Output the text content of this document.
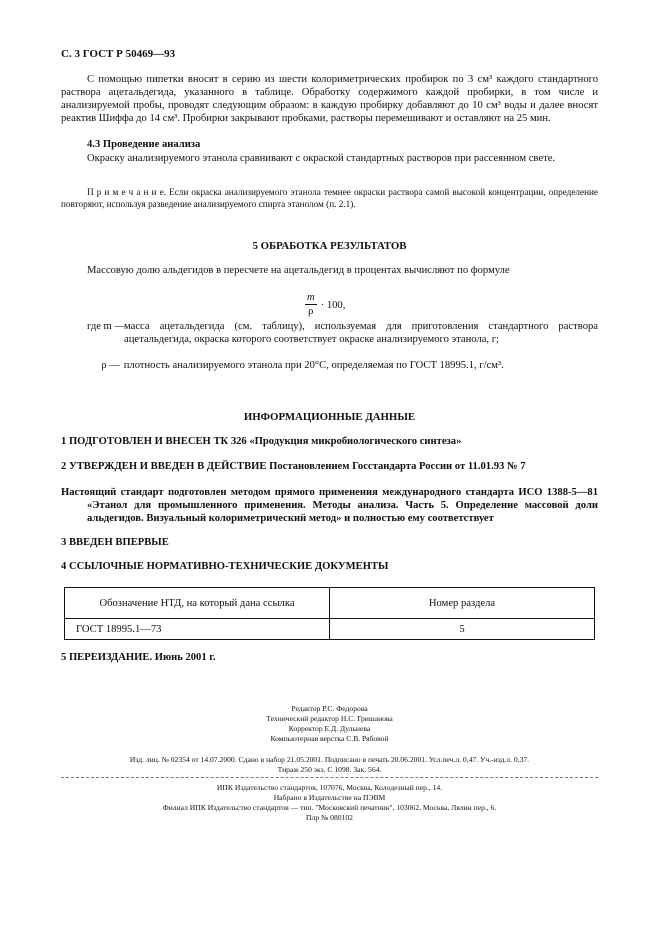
С. 3 ГОСТ Р 50469—93

С помощью пипетки вносят в серию из шести колориметрических пробирок по 3 см³ каждого стандартного раствора ацетальдегида, указанного в таблице. Обработку содержимого каждой пробирки, в том числе и анализируемой пробы, проводят следующим образом: в каждую пробирку добавляют до 10 см³ воды и далее вносят реактив Шиффа до 14 см³. Пробирки закрывают пробками, растворы перемешивают и оставляют на 25 мин.

4.3 Проведение анализа

Окраску анализируемого этанола сравнивают с окраской стандартных растворов при рассеянном свете.

П р и м е ч а н и е. Если окраска анализируемого этанола темнее окраски раствора самой высокой концентрации, определение повторяют, используя разведение анализируемого спирта этанолом (п. 2.1).

5 ОБРАБОТКА РЕЗУЛЬТАТОВ

Массовую долю альдегидов в пересчете на ацетальдегид в процентах вычисляют по формуле

$\frac{m}{\rho} \cdot 100$,
где m —
масса ацетальдегида (см. таблицу), используемая для приготовления стандартного раствора ацетальдегида, окраска которого соответствует окраске анализируемого этанола, г;
ρ — плотность анализируемого этанола при 20°С, определяемая по ГОСТ 18995.1, г/см³.
ИНФОРМАЦИОННЫЕ ДАННЫЕ
1 ПОДГОТОВЛЕН И ВНЕСЕН ТК 326 «Продукция микробиологического синтеза»
2 УТВЕРЖДЕН И ВВЕДЕН В ДЕЙСТВИЕ Постановлением Госстандарта России от 11.01.93 № 7

Настоящий стандарт подготовлен методом прямого применения международного стандарта ИСО 1388-5—81 «Этанол для промышленного применения. Методы анализа. Часть 5. Определение массовой доли альдегидов. Визуальный колориметрический метод» и полностью ему соответствует

3 ВВЕДЕН ВПЕРВЫЕ
4 ССЫЛОЧНЫЕ НОРМАТИВНО-ТЕХНИЧЕСКИЕ ДОКУМЕНТЫ
Обозначение НТД, на который дана ссылка	Номер раздела
ГОСТ 18995.1—73	5
5 ПЕРЕИЗДАНИЕ. Июнь 2001 г.
Редактор Р.С. Федорова
Технический редактор Н.С. Гришанова
Корректор Е.Д. Дульнева
Компьютерная верстка С.В. Рябовой
Изд. лиц. № 02354 от 14.07.2000. Сдано в набор 21.05.2001. Подписано в печать 20.06.2001. Усл.печ.л. 0,47. Уч.-изд.л. 0,37.
Тираж 250 экз. С 1098. Зак. 564.
ИПК Издательство стандартов, 107076, Москва, Колодезный пер., 14.
Набрано в Издательстве на ПЭВМ
Филиал ИПК Издательство стандартов — тип. "Московский печатник", 103062, Москва, Лялин пер., 6.
Плр № 080102
